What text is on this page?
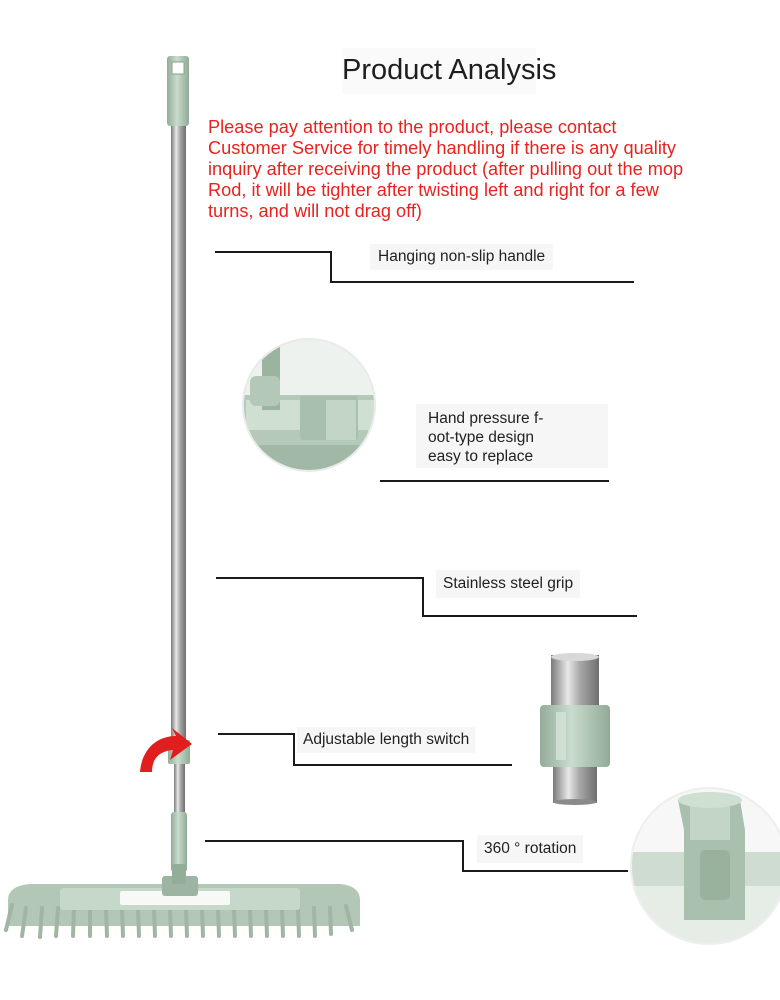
Product Analysis

Please pay attention to the product, please contact
Customer Service for timely handling if there is any quality
inquiry after receiving the product (after pulling out the mop
Rod, it will be tighter after twisting left and right for a few
turns, and will not drag off)

Hanging non-slip handle
Hand pressure f-
oot-type design
easy to replace
Stainless steel grip
Adjustable length switch
360 ° rotation
